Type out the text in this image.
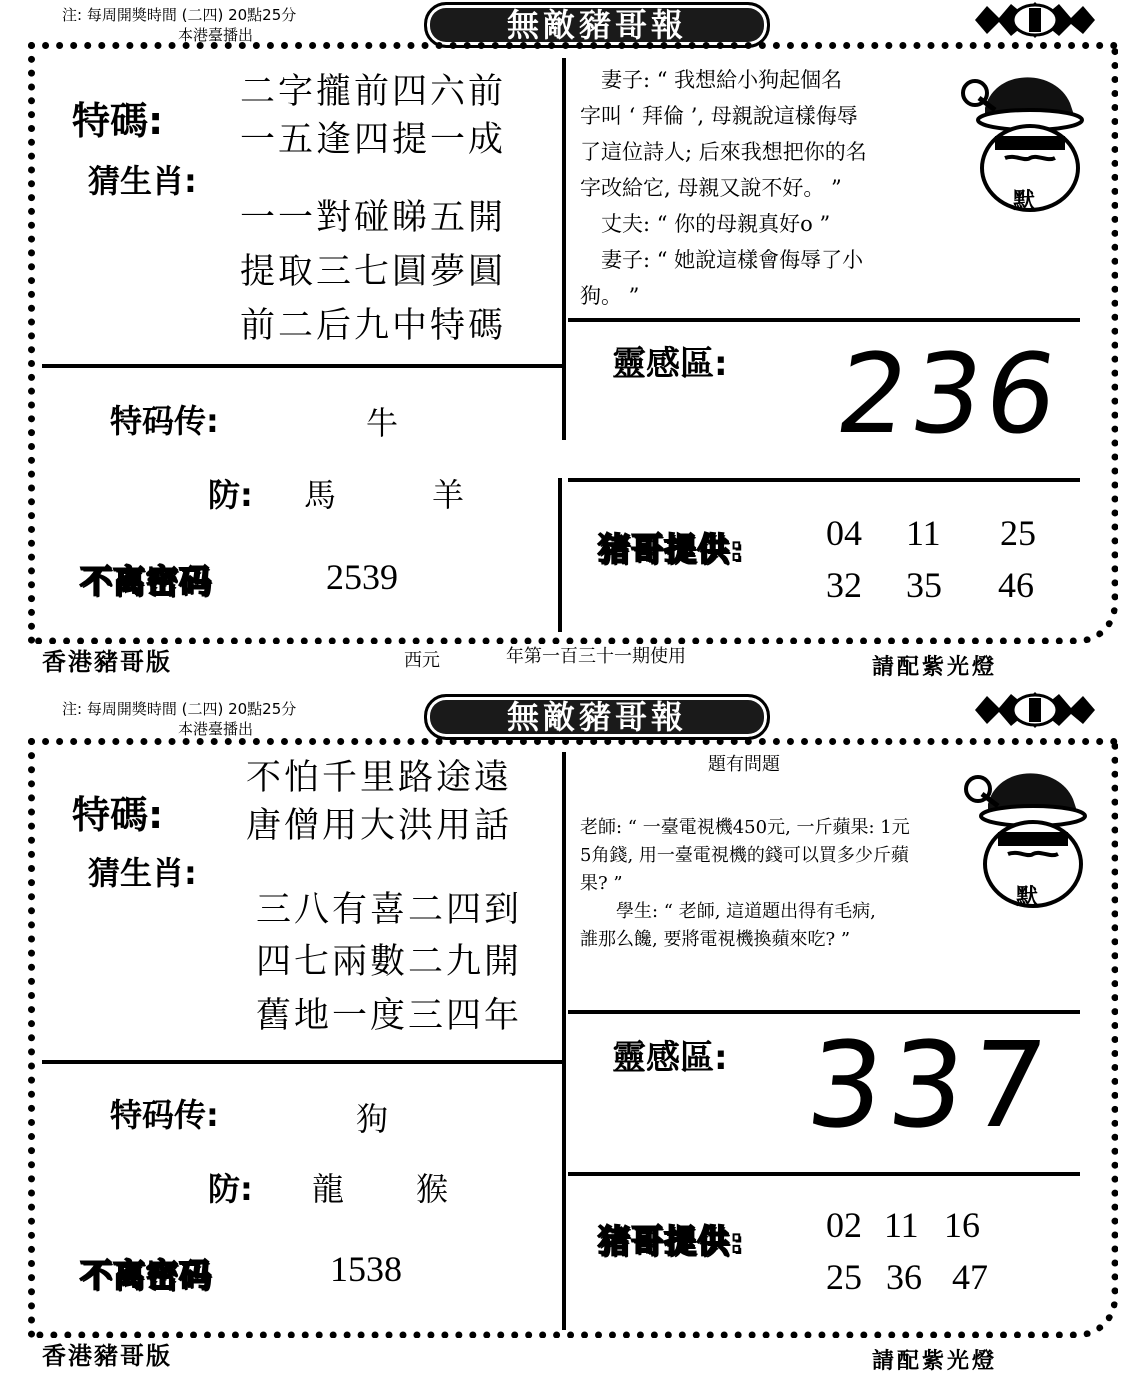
注: 每周開獎時間 (二四) 20點25分
本港臺播出	無敵豬哥報
特碼:
猜生肖:
二字攏前四六前
一五逢四提一成
一一對碰睇五開
提取三七圓夢圓
前二后九中特碼
　妻子: “ 我想給小狗起個名
字叫 ‘ 拜倫 ’, 母親說這樣侮辱
了這位詩人; 后來我想把你的名
字改給它, 母親又說不好。 ”
　丈夫: “ 你的母親真好o ”
　妻子: “ 她說這樣會侮辱了小
狗。 ”
默
靈感區: 236
特码传:	牛
防: 馬	羊
不离密码	2539
猪哥提供: 04 11 25
32 35 46
香港豬哥版	西元	年第一百三十一期使用	請配紫光燈
注: 每周開獎時間 (二四) 20點25分
本港臺播出	無敵豬哥報
特碼:
猜生肖:
不怕千里路途遠
唐僧用大洪用話
三八有喜二四到
四七兩數二九開
舊地一度三四年
題有問題
老師: “ 一臺電視機450元, 一斤蘋果: 1元
5角錢, 用一臺電視機的錢可以買多少斤蘋
果? ”
　　學生: “ 老師, 這道題出得有毛病,
誰那么饞, 要將電視機換蘋來吃? ”
默
靈感區: 337
特码传:	狗
防: 龍 猴
不离密码	1538
猪哥提供: 02 11 16
25 36 47
香港豬哥版	請配紫光燈
